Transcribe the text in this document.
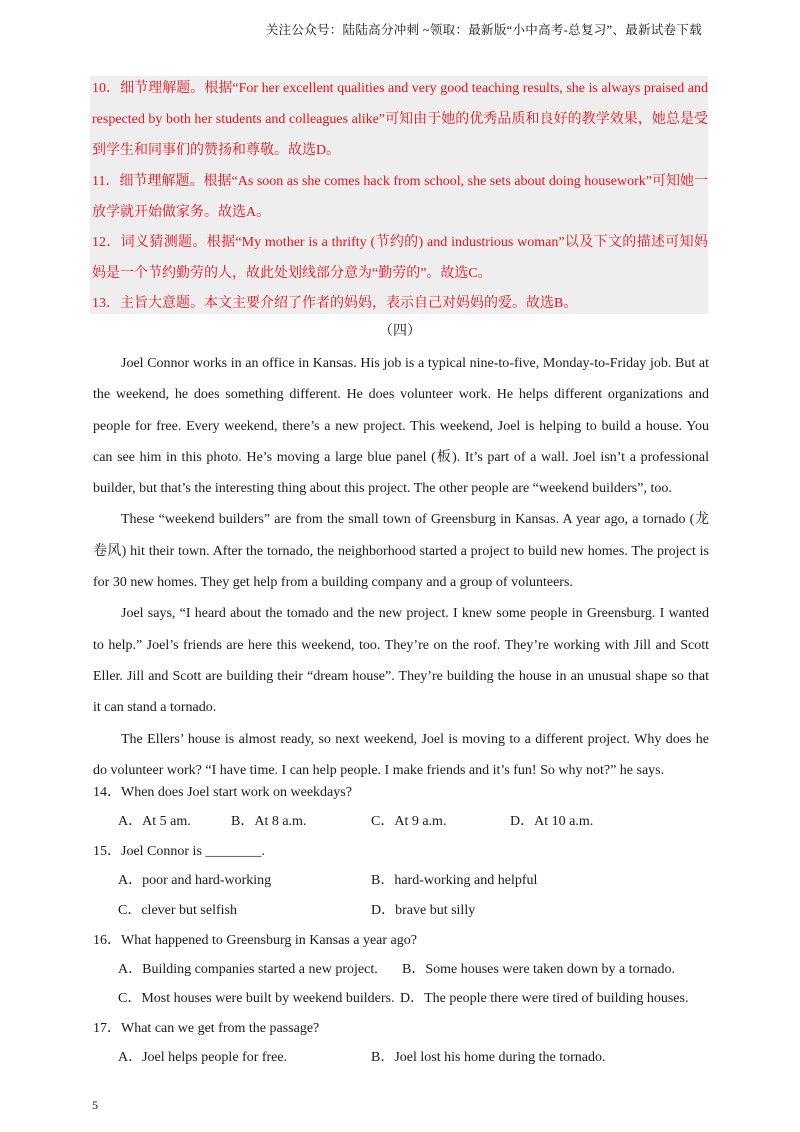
关注公众号：陆陆高分冲刺 ~领取：最新版“小中高考-总复习”、最新试卷下载

10．细节理解题。根据“For her excellent qualities and very good teaching results, she is always praised and respected by both her students and colleagues alike”可知由于她的优秀品质和良好的教学效果，她总是受到学生和同事们的赞扬和尊敬。故选D。

11．细节理解题。根据“As soon as she comes hack from school, she sets about doing housework”可知她一放学就开始做家务。故选A。

12．词义猜测题。根据“My mother is a thrifty (节约的) and industrious woman”以及下文的描述可知妈妈是一个节约勤劳的人，故此处划线部分意为“勤劳的”。故选C。

13．主旨大意题。本文主要介绍了作者的妈妈，表示自己对妈妈的爱。故选B。

（四）

Joel Connor works in an office in Kansas. His job is a typical nine-to-five, Monday-to-Friday job. But at the weekend, he does something different. He does volunteer work. He helps different organizations and people for free. Every weekend, there’s a new project. This weekend, Joel is helping to build a house. You can see him in this photo. He’s moving a large blue panel (板). It’s part of a wall. Joel isn’t a professional builder, but that’s the interesting thing about this project. The other people are “weekend builders”, too.

These “weekend builders” are from the small town of Greensburg in Kansas. A year ago, a tornado (龙卷风) hit their town. After the tornado, the neighborhood started a project to build new homes. The project is for 30 new homes. They get help from a building company and a group of volunteers.

Joel says, “I heard about the tomado and the new project. I knew some people in Greensburg. I wanted to help.” Joel’s friends are here this weekend, too. They’re on the roof. They’re working with Jill and Scott Eller. Jill and Scott are building their “dream house”. They’re building the house in an unusual shape so that it can stand a tornado.

The Ellers’ house is almost ready, so next weekend, Joel is moving to a different project. Why does he do volunteer work? “I have time. I can help people. I make friends and it’s fun! So why not?” he says.

14．When does Joel start work on weekdays?
A．At 5 am.	B．At 8 a.m.	C．At 9 a.m.	D．At 10 a.m.
15．Joel Connor is ________.
A．poor and hard-working	B．hard-working and helpful
C．clever but selfish	D．brave but silly
16．What happened to Greensburg in Kansas a year ago?
A．Building companies started a new project. B．Some houses were taken down by a tornado.
C．Most houses were built by weekend builders. D．The people there were tired of building houses.
17．What can we get from the passage?
A．Joel helps people for free.	B．Joel lost his home during the tornado.
5
